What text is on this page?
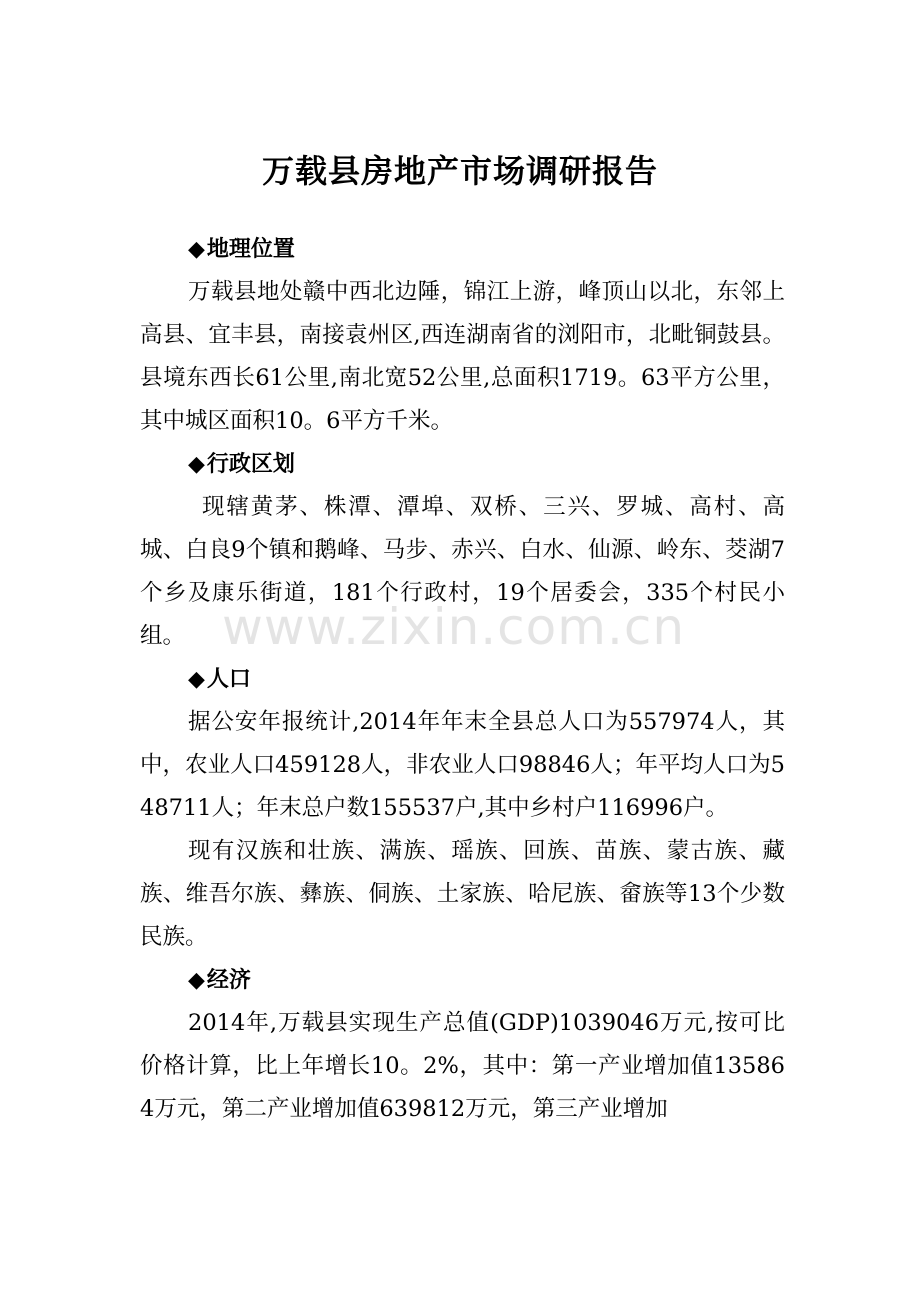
万载县房地产市场调研报告
◆地理位置

万载县地处赣中西北边陲，锦江上游，峰顶山以北，东邻上高县、宜丰县，南接袁州区,西连湖南省的浏阳市，北毗铜鼓县。县境东西长61公里,南北宽52公里,总面积1719。63平方公里，其中城区面积10。6平方千米。

◆行政区划

现辖黄茅、株潭、潭埠、双桥、三兴、罗城、高村、高城、白良9个镇和鹅峰、马步、赤兴、白水、仙源、岭东、茭湖7个乡及康乐街道，181个行政村，19个居委会，335个村民小组。

◆人口

据公安年报统计,2014年年末全县总人口为557974人，其中，农业人口459128人，非农业人口98846人；年平均人口为548711人；年末总户数155537户,其中乡村户116996户。

现有汉族和壮族、满族、瑶族、回族、苗族、蒙古族、藏族、维吾尔族、彝族、侗族、土家族、哈尼族、畲族等13个少数民族。

◆经济

2014年,万载县实现生产总值(GDP)1039046万元,按可比价格计算，比上年增长10。2%，其中：第一产业增加值135864万元，第二产业增加值639812万元，第三产业增加

www.zixin.com.cn
